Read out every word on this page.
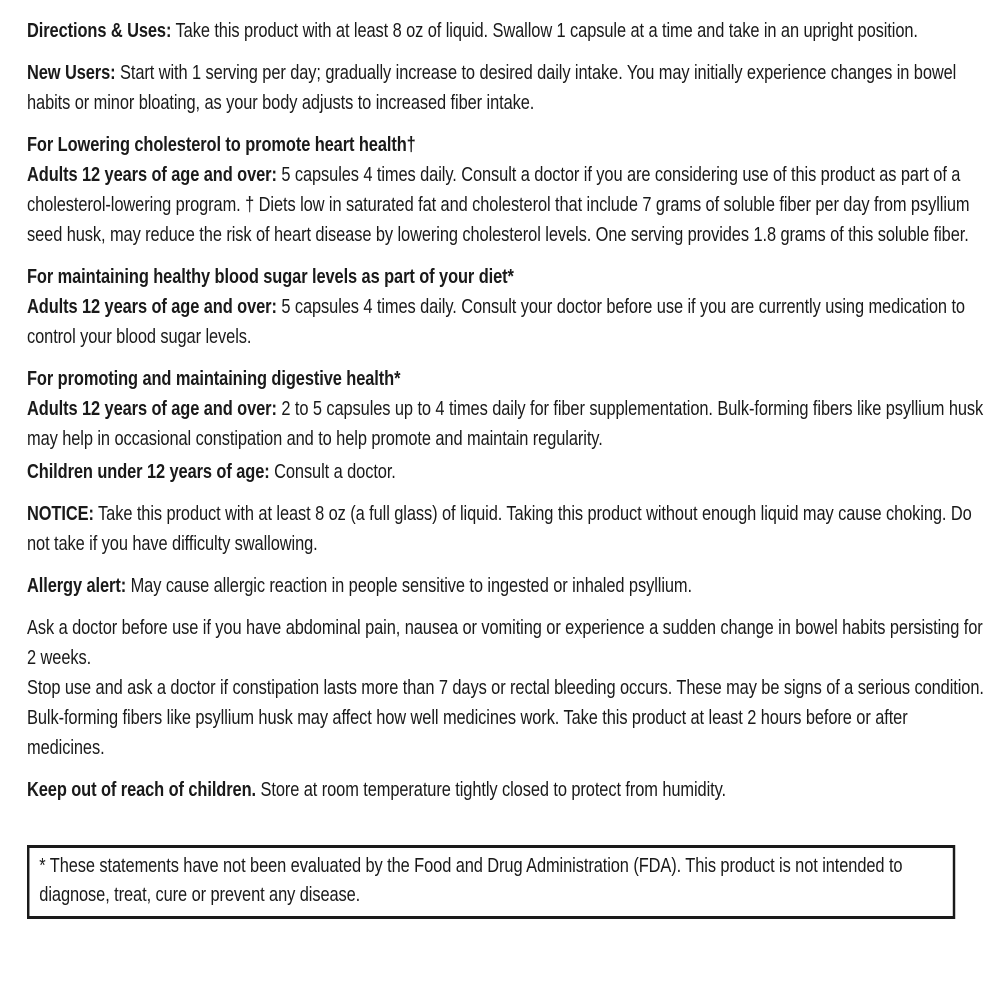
Directions & Uses: Take this product with at least 8 oz of liquid. Swallow 1 capsule at a time and take in an upright position.

New Users: Start with 1 serving per day; gradually increase to desired daily intake. You may initially experience changes in bowel habits or minor bloating, as your body adjusts to increased fiber intake.

For Lowering cholesterol to promote heart health†

Adults 12 years of age and over: 5 capsules 4 times daily. Consult a doctor if you are considering use of this product as part of a cholesterol-lowering program. † Diets low in saturated fat and cholesterol that include 7 grams of soluble fiber per day from psyllium seed husk, may reduce the risk of heart disease by lowering cholesterol levels. One serving provides 1.8 grams of this soluble fiber.

For maintaining healthy blood sugar levels as part of your diet*

Adults 12 years of age and over: 5 capsules 4 times daily. Consult your doctor before use if you are currently using medication to control your blood sugar levels.

For promoting and maintaining digestive health*

Adults 12 years of age and over: 2 to 5 capsules up to 4 times daily for fiber supplementation. Bulk-forming fibers like psyllium husk may help in occasional constipation and to help promote and maintain regularity.

Children under 12 years of age: Consult a doctor.

NOTICE: Take this product with at least 8 oz (a full glass) of liquid. Taking this product without enough liquid may cause choking. Do not take if you have difficulty swallowing.

Allergy alert: May cause allergic reaction in people sensitive to ingested or inhaled psyllium.

Ask a doctor before use if you have abdominal pain, nausea or vomiting or experience a sudden change in bowel habits persisting for 2 weeks.

Stop use and ask a doctor if constipation lasts more than 7 days or rectal bleeding occurs. These may be signs of a serious condition.

Bulk-forming fibers like psyllium husk may affect how well medicines work. Take this product at least 2 hours before or after medicines.

Keep out of reach of children. Store at room temperature tightly closed to protect from humidity.

* These statements have not been evaluated by the Food and Drug Administration (FDA). This product is not intended to diagnose, treat, cure or prevent any disease.
